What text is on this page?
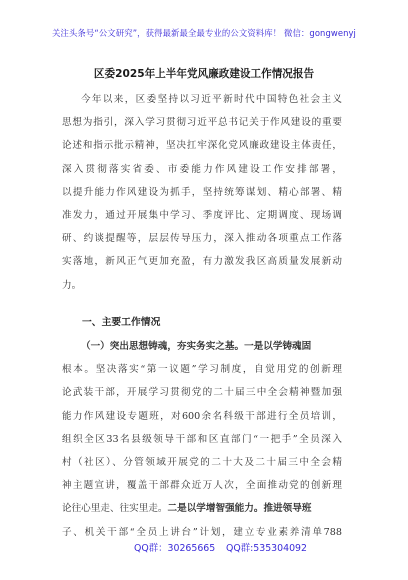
关注头条号“公文研究”，获得最新最全最专业的公文资料库！ 微信：gongwenyj
区委2025年上半年党风廉政建设工作情况报告
今年以来，区委坚持以习近平新时代中国特色社会主义
思想为指引，深入学习贯彻习近平总书记关于作风建设的重要
论述和指示批示精神，坚决扛牢深化党风廉政建设主体责任，
深入贯彻落实省委、市委能力作风建设工作安排部署，
以提升能力作风建设为抓手，坚持统筹谋划、精心部署、精
准发力，通过开展集中学习、季度评比、定期调度、现场调
研、约谈提醒等，层层传导压力，深入推动各项重点工作落
实落地，新风正气更加充盈，有力激发我区高质量发展新动
力。
一、主要工作情况
（一）突出思想铸魂，夯实务实之基。一是以学铸魂固
根本。坚决落实“第一议题”学习制度，自觉用党的创新理
论武装干部，开展学习贯彻党的二十届三中全会精神暨加强
能力作风建设专题班，对600余名科级干部进行全员培训，
组织全区33名县级领导干部和区直部门“一把手”全员深入
村（社区）、分管领域开展党的二十大及二十届三中全会精
神主题宣讲，覆盖干部群众近万人次，全面推动党的创新理
论往心里走、往实里走。二是以学增智强能力。推进领导班
子、机关干部“全员上讲台”计划，建立专业素养清单788
QQ群：30265665 QQ群:535304092
